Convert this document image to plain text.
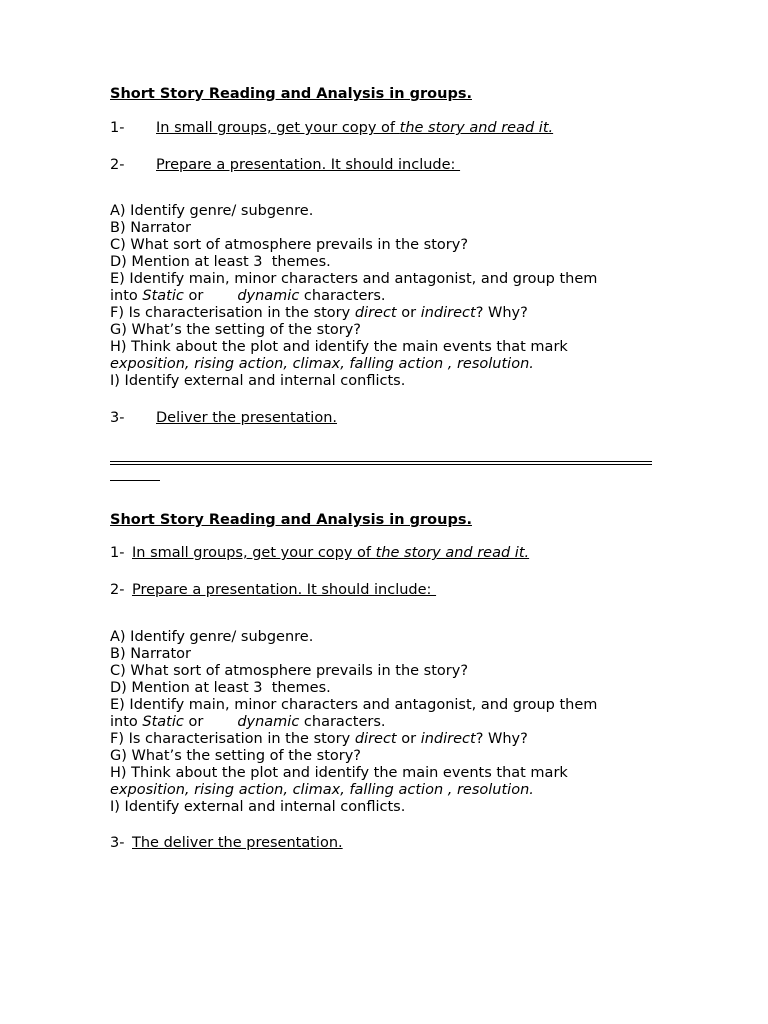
Short Story Reading and Analysis in groups.
1- In small groups, get your copy of the story and read it.
2- Prepare a presentation. It should include:
A) Identify genre/ subgenre.
B) Narrator
C) What sort of atmosphere prevails in the story?
D) Mention at least 3  themes.
E) Identify main, minor characters and antagonist, and group them
into Static or dynamic characters.
F) Is characterisation in the story direct or indirect? Why?
G) What’s the setting of the story?
H) Think about the plot and identify the main events that mark
exposition, rising action, climax, falling action , resolution.
I) Identify external and internal conflicts.
3- Deliver the presentation.
Short Story Reading and Analysis in groups.
1- In small groups, get your copy of the story and read it.
2- Prepare a presentation. It should include:
A) Identify genre/ subgenre.
B) Narrator
C) What sort of atmosphere prevails in the story?
D) Mention at least 3  themes.
E) Identify main, minor characters and antagonist, and group them
into Static or dynamic characters.
F) Is characterisation in the story direct or indirect? Why?
G) What’s the setting of the story?
H) Think about the plot and identify the main events that mark
exposition, rising action, climax, falling action , resolution.
I) Identify external and internal conflicts.
3- The deliver the presentation.
